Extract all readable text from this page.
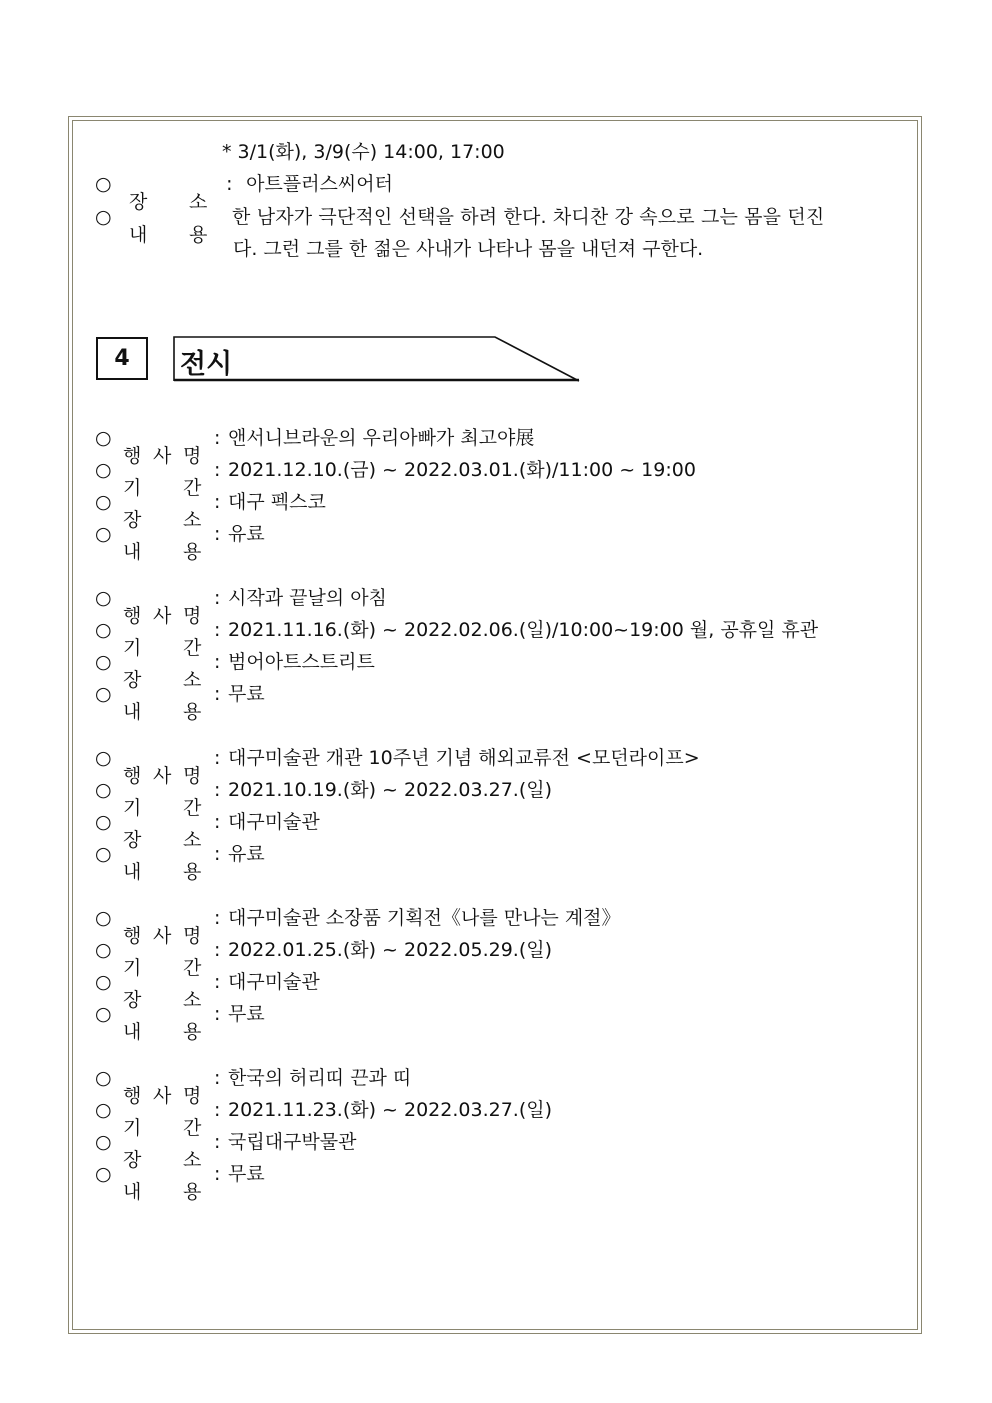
* 3/1(화), 3/9(수) 14:00, 17:00
○
장 소
: 아트플러스씨어터
○
내 용
한 남자가 극단적인 선택을 하려 한다. 차디찬 강 속으로 그는 몸을 던진
다. 그런 그를 한 젊은 사내가 나타나 몸을 내던져 구한다.
4 전시
○
행 사 명
: 앤서니브라운의 우리아빠가 최고야展
○
기 간
: 2021.12.10.(금) ~ 2022.03.01.(화)/11:00 ~ 19:00
○
장 소
: 대구 펙스코
○
내 용
: 유료
○
행 사 명
: 시작과 끝날의 아침
○
기 간
: 2021.11.16.(화) ~ 2022.02.06.(일)/10:00~19:00 월, 공휴일 휴관
○
장 소
: 범어아트스트리트
○
내 용
: 무료
○
행 사 명
: 대구미술관 개관 10주년 기념 해외교류전 <모던라이프>
○
기 간
: 2021.10.19.(화) ~ 2022.03.27.(일)
○
장 소
: 대구미술관
○
내 용
: 유료
○
행 사 명
: 대구미술관 소장품 기획전《나를 만나는 계절》
○
기 간
: 2022.01.25.(화) ~ 2022.05.29.(일)
○
장 소
: 대구미술관
○
내 용
: 무료
○
행 사 명
: 한국의 허리띠 끈과 띠
○
기 간
: 2021.11.23.(화) ~ 2022.03.27.(일)
○
장 소
: 국립대구박물관
○
내 용
: 무료
